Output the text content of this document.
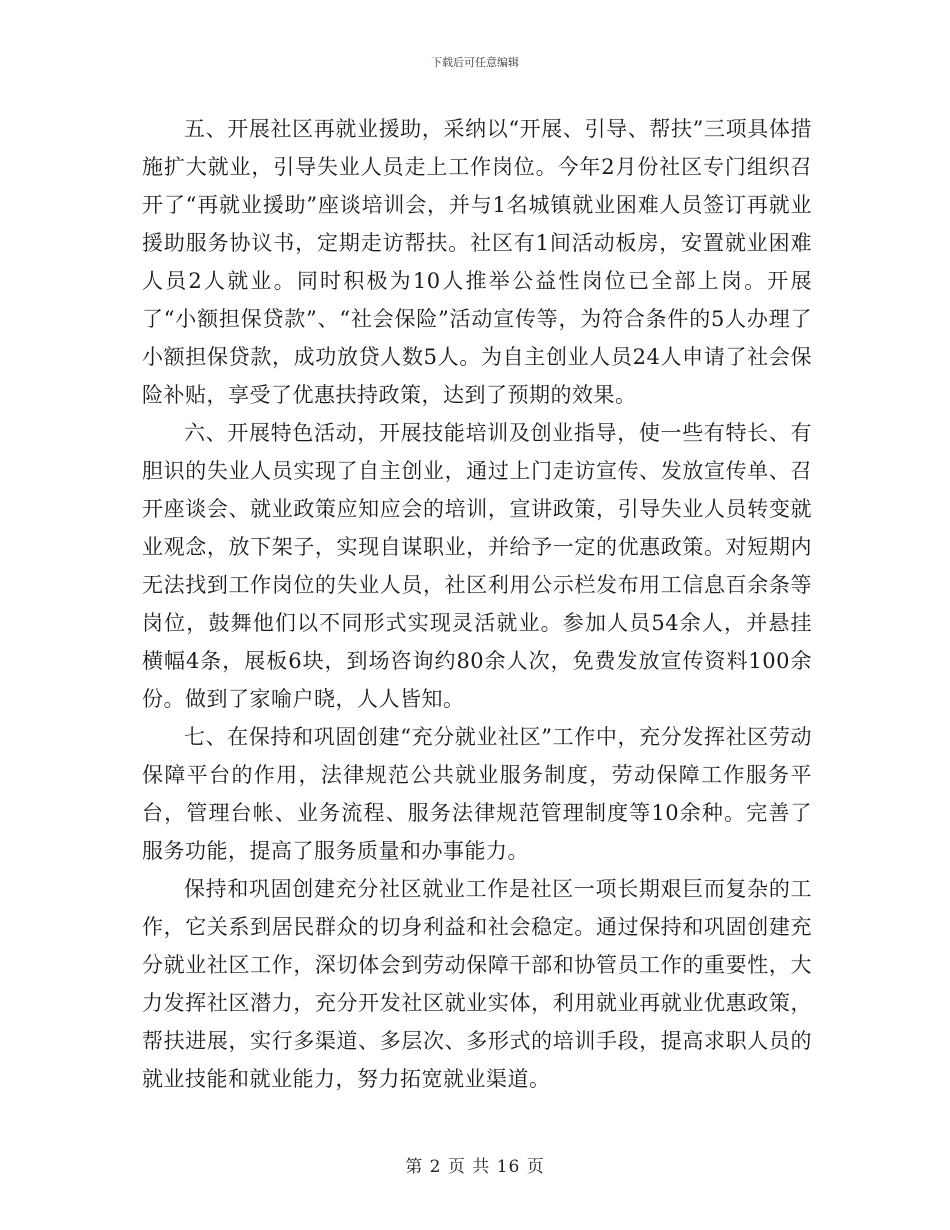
下载后可任意编辑

五、开展社区再就业援助，采纳以“开展、引导、帮扶”三项具体措施扩大就业，引导失业人员走上工作岗位。今年2月份社区专门组织召开了“再就业援助”座谈培训会，并与1名城镇就业困难人员签订再就业援助服务协议书，定期走访帮扶。社区有1间活动板房，安置就业困难人员2人就业。同时积极为10人推举公益性岗位已全部上岗。开展了“小额担保贷款”、“社会保险”活动宣传等，为符合条件的5人办理了小额担保贷款，成功放贷人数5人。为自主创业人员24人申请了社会保险补贴，享受了优惠扶持政策，达到了预期的效果。

六、开展特色活动，开展技能培训及创业指导，使一些有特长、有胆识的失业人员实现了自主创业，通过上门走访宣传、发放宣传单、召开座谈会、就业政策应知应会的培训，宣讲政策，引导失业人员转变就业观念，放下架子，实现自谋职业，并给予一定的优惠政策。对短期内无法找到工作岗位的失业人员，社区利用公示栏发布用工信息百余条等岗位，鼓舞他们以不同形式实现灵活就业。参加人员54余人，并悬挂横幅4条，展板6块，到场咨询约80余人次，免费发放宣传资料100余份。做到了家喻户晓，人人皆知。

七、在保持和巩固创建“充分就业社区”工作中，充分发挥社区劳动保障平台的作用，法律规范公共就业服务制度，劳动保障工作服务平台，管理台帐、业务流程、服务法律规范管理制度等10余种。完善了服务功能，提高了服务质量和办事能力。

保持和巩固创建充分社区就业工作是社区一项长期艰巨而复杂的工作，它关系到居民群众的切身利益和社会稳定。通过保持和巩固创建充分就业社区工作，深切体会到劳动保障干部和协管员工作的重要性，大力发挥社区潜力，充分开发社区就业实体，利用就业再就业优惠政策，帮扶进展，实行多渠道、多层次、多形式的培训手段，提高求职人员的就业技能和就业能力，努力拓宽就业渠道。

第 2 页 共 16 页
